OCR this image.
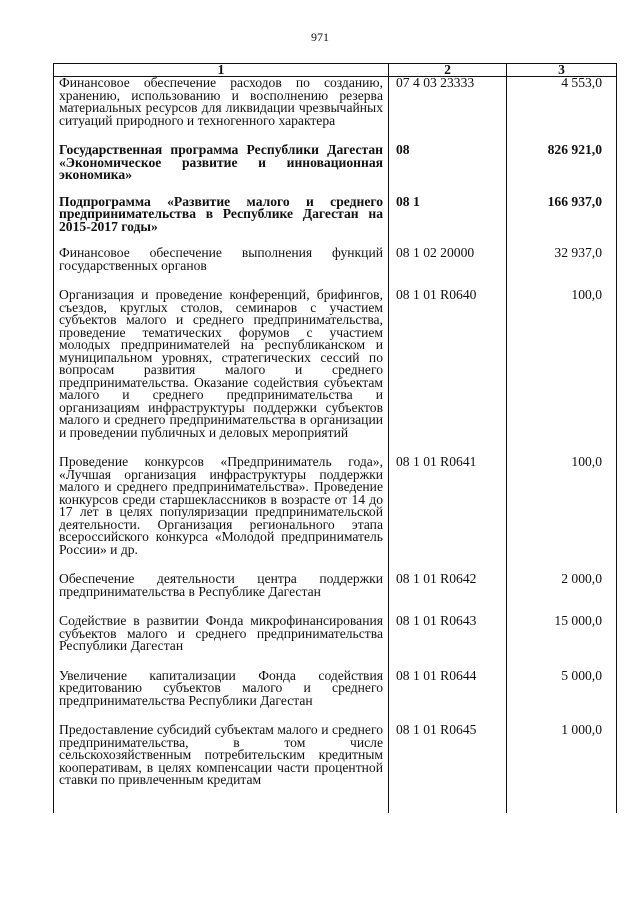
971
1	2	3
Финансовое обеспечение расходов по созданию, хранению, использованию и восполнению резервa материальных ресурсов для ликвидации чрезвычайных ситуаций природного и техногенного характера	07 4 03 23333	4 553,0
Государственная программа Республики Дагестан «Экономическое развитие и инновационная экономика»	08	826 921,0
Подпрограмма «Развитие малого и среднего предпринимательства в Республике Дагестан на 2015-2017 годы»	08 1	166 937,0
Финансовое обеспечение выполнения функций государственных органов	08 1 02 20000	32 937,0
Организация и проведение конференций, брифингов, съездов, круглых столов, семинаров с участием субъектов малого и среднего предпринимательства, проведение тематических форумов с участием молодых предпринимателей на республиканском и муниципальном уровнях, стратегических сессий по вопросам развития малого и среднего предпринимательства. Оказание содействия субъектам малого и среднего предпринимательства и организациям инфраструктуры поддержки субъектов малого и среднего предпринимательства в организации и проведении публичных и деловых мероприятий	08 1 01 R0640	100,0
Проведение конкурсов «Предприниматель года», «Лучшая организация инфраструктуры поддержки малого и среднего предпринимательства». Проведение конкурсов среди старшеклассников в возрасте от 14 до 17 лет в целях популяризации предпринимательской деятельности. Организация регионального этапа всероссийского конкурса «Молодой предприниматель России» и др.	08 1 01 R0641	100,0
Обеспечение деятельности центра поддержки предпринимательства в Республике Дагестан	08 1 01 R0642	2 000,0
Содействие в развитии Фонда микрофинансирования субъектов малого и среднего предпринимательства Республики Дагестан	08 1 01 R0643	15 000,0
Увеличение капитализации Фонда содействия кредитованию субъектов малого и среднего предпринимательства Республики Дагестан	08 1 01 R0644	5 000,0
Предоставление субсидий субъектам малого и среднего предпринимательства, в том числе сельскохозяйственным потребительским кредитным кооперативам, в целях компенсации части процентной ставки по привлеченным кредитам	08 1 01 R0645	1 000,0
